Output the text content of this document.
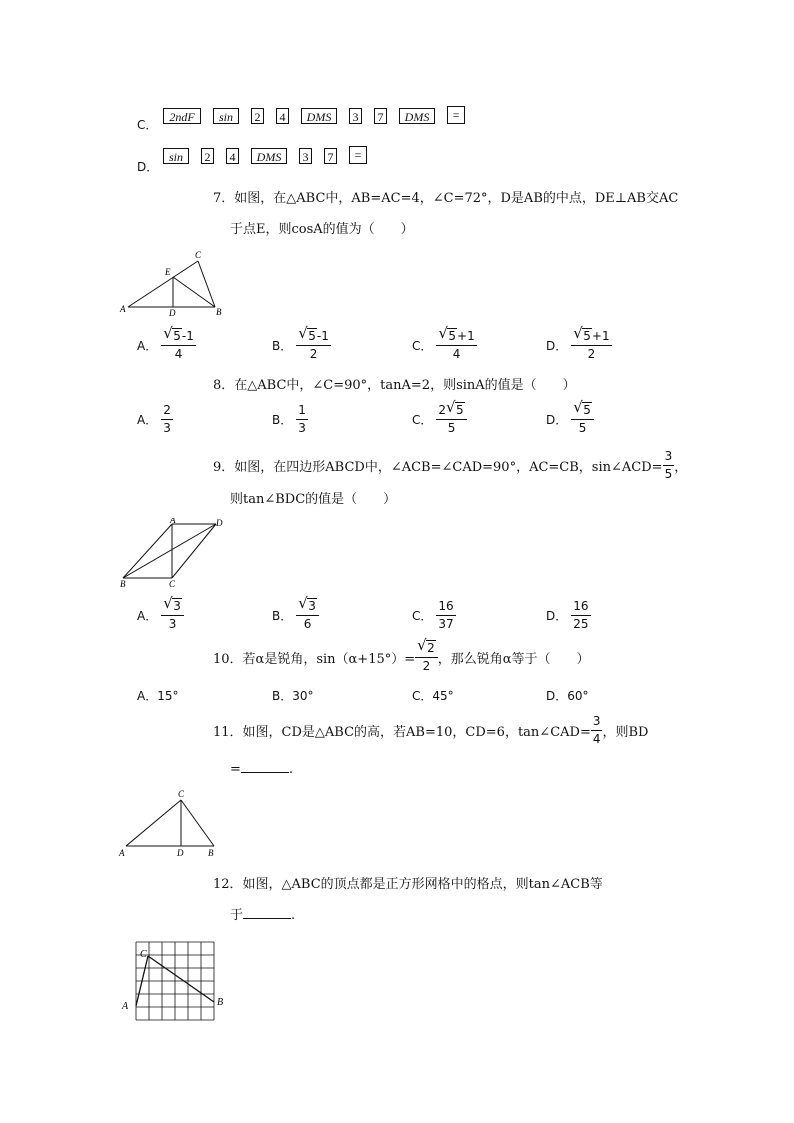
C．
2ndF	sin	2 4	DMS	3 7	DMS	=
D．
sin	2 4	DMS	3 7	=
7．如图，在△ABC中，AB=AC=4，∠C=72°，D是AB的中点，DE⊥AB交AC
于点E，则cosA的值为（　　）
A	B
C
D
E
A． $\frac{√ 5-1}{4}$	B． $\frac{√ 5-1}{2}$	C． $\frac{√ 5+1}{4}$	D． $\frac{√ 5+1}{2}$
8．在△ABC中，∠C=90°，tanA=2，则sinA的值是（　　）
A． $\frac{2}{3}$	B． $\frac{1}{3}$	C． $\frac{2 √ 5}{5}$	D． $\frac{√ 5}{5}$
9．如图，在四边形ABCD中，∠ACB=∠CAD=90°，AC=CB，sin∠ACD= $\frac{3}{5}$ ，
则tan∠BDC的值是（　　）
A
B	C
D
A． $\frac{√ 3}{3}$	B． $\frac{√ 3}{6}$	C． $\frac{16}{37}$	D． $\frac{16}{25}$
10．若α是锐角，$\sin(\alpha+15^\circ)= \frac{√ 2}{2}$ ，那么锐角α等于（　　）
A．15°	B．30°	C．45°	D．60°
11．如图，CD是△ABC的高，若AB=10，CD=6，tan∠CAD= $\frac{3}{4}$ ，则BD
=	.
A	B
C
D
12．如图，△ABC的顶点都是正方形网格中的格点，则tan∠ACB等
于	.
C
A	B
